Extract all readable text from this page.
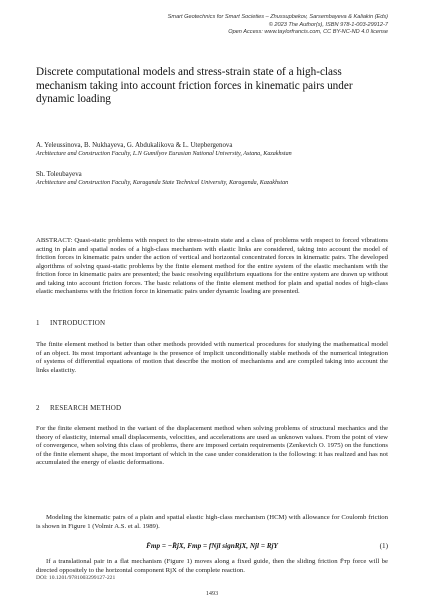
Smart Geotechnics for Smart Societies – Zhussupbekov, Sarsembayeva & Kaliakin (Eds)
© 2023 The Author(s), ISBN 978-1-003-29912-7
Open Access: www.taylorfrancis.com, CC BY-NC-ND 4.0 license
Discrete computational models and stress-strain state of a high-class mechanism taking into account friction forces in kinematic pairs under dynamic loading
A. Yeleussinova, B. Nukhayeva, G. Abdukalikova & L. Utepbergenova
Architecture and Construction Faculty, L.N Gumilyov Eurasian National University, Astana, Kazakhstan
Sh. Toleubayeva
Architecture and Construction Faculty, Karaganda State Technical University, Karaganda, Kazakhstan
ABSTRACT: Quasi-static problems with respect to the stress-strain state and a class of problems with respect to forced vibrations acting in plain and spatial nodes of a high-class mechanism with elastic links are considered, taking into account the model of friction forces in kinematic pairs under the action of vertical and horizontal concentrated forces in kinematic pairs. The developed algorithms of solving quasi-static problems by the finite element method for the entire system of the elastic mechanism with the friction force in kinematic pairs are presented; the basic resolving equilibrium equations for the entire system are drawn up without and taking into account friction forces. The basic relations of the finite element method for plain and spatial nodes of high-class elastic mechanisms with the friction force in kinematic pairs under dynamic loading are presented.
1 INTRODUCTION

The finite element method is better than other methods provided with numerical procedures for studying the mathematical model of an object. Its most important advantage is the presence of implicit unconditionally stable methods of the numerical integration of systems of differential equations of motion that describe the motion of mechanisms and are compiled taking into account the links elasticity.

2 RESEARCH METHOD

For the finite element method in the variant of the displacement method when solving problems of structural mechanics and the theory of elasticity, internal small displacements, velocities, and accelerations are used as unknown values. From the point of view of convergence, when solving this class of problems, there are imposed certain requirements (Zenkevich O. 1975) on the functions of the finite element shape, the most important of which in the case under consideration is the following: it has realized and has not accumulated the energy of elastic deformations.

Modeling the kinematic pairs of a plain and spatial elastic high-class mechanism (HCM) with allowance for Coulomb friction is shown in Figure 1 (Volmir A.S. et al. 1989).

F̄тр = −R̄jX, Fтр = fNjl signRjX, Njl = RjY	(1)

If a translational pair in a flat mechanism (Figure 1) moves along a fixed guide, then the sliding friction F̄тр force will be directed oppositely to the horizontal component RjX of the complete reaction.

DOI: 10.1201/9781003299127-221
1493
